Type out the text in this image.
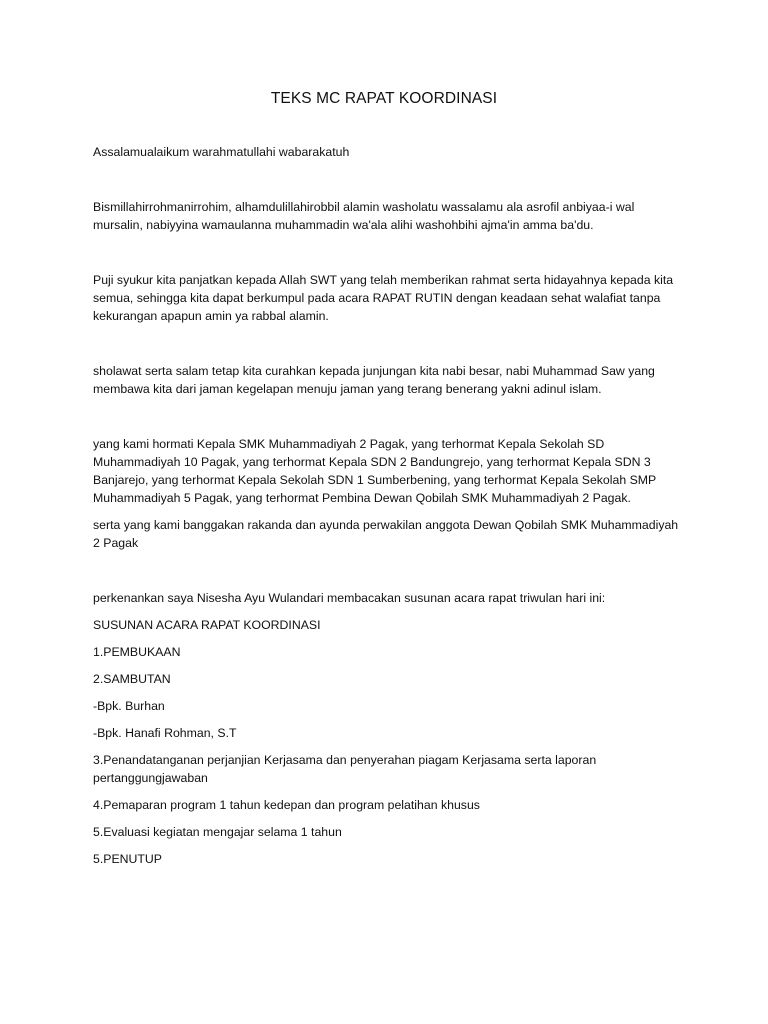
TEKS MC RAPAT KOORDINASI

Assalamualaikum warahmatullahi wabarakatuh

Bismillahirrohmanirrohim, alhamdulillahirobbil alamin washolatu wassalamu ala asrofil anbiyaa-i wal mursalin, nabiyyina wamaulanna muhammadin wa'ala alihi washohbihi ajma'in amma ba'du.

Puji syukur kita panjatkan kepada Allah SWT yang telah memberikan rahmat serta hidayahnya kepada kita semua, sehingga kita dapat berkumpul pada acara RAPAT RUTIN dengan keadaan sehat walafiat tanpa kekurangan apapun amin ya rabbal alamin.

sholawat serta salam tetap kita curahkan kepada junjungan kita nabi besar, nabi Muhammad Saw yang membawa kita dari jaman kegelapan menuju jaman yang terang benerang yakni adinul islam.

yang kami hormati Kepala SMK Muhammadiyah 2 Pagak, yang terhormat Kepala Sekolah SD Muhammadiyah 10 Pagak, yang terhormat Kepala SDN 2 Bandungrejo, yang terhormat Kepala SDN 3 Banjarejo, yang terhormat Kepala Sekolah SDN 1 Sumberbening, yang terhormat Kepala Sekolah SMP Muhammadiyah 5 Pagak, yang terhormat Pembina Dewan Qobilah SMK Muhammadiyah 2 Pagak.

serta yang kami banggakan rakanda dan ayunda perwakilan anggota Dewan Qobilah SMK Muhammadiyah 2 Pagak

perkenankan saya Nisesha Ayu Wulandari membacakan susunan acara rapat triwulan hari ini:

SUSUNAN ACARA RAPAT KOORDINASI

1.PEMBUKAAN

2.SAMBUTAN

-Bpk. Burhan

-Bpk. Hanafi Rohman, S.T

3.Penandatanganan perjanjian Kerjasama dan penyerahan piagam Kerjasama serta laporan pertanggungjawaban

4.Pemaparan program 1 tahun kedepan dan program pelatihan khusus

5.Evaluasi kegiatan mengajar selama 1 tahun

5.PENUTUP
